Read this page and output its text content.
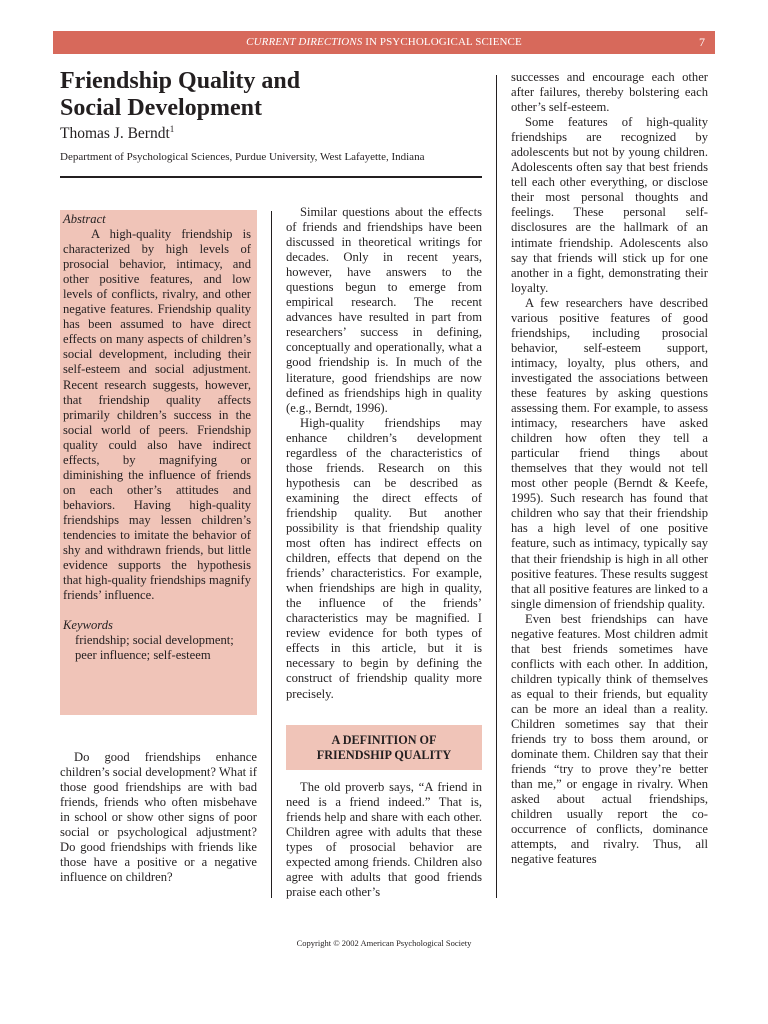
CURRENT DIRECTIONS IN PSYCHOLOGICAL SCIENCE	7
Friendship Quality and
Social Development
Thomas J. Berndt$^1$
Department of Psychological Sciences, Purdue University, West Lafayette, Indiana
Abstract
A high-quality friendship is characterized by high levels of prosocial behavior, intimacy, and other positive features, and low levels of conflicts, rivalry, and other negative features. Friendship quality has been assumed to have direct effects on many aspects of children’s social development, including their self-esteem and social adjustment. Recent research suggests, however, that friendship quality affects primarily children’s success in the social world of peers. Friendship quality could also have indirect effects, by magnifying or diminishing the influence of friends on each other’s attitudes and behaviors. Having high-quality friendships may lessen children’s tendencies to imitate the behavior of shy and withdrawn friends, but little evidence supports the hypothesis that high-quality friendships magnify friends’ influence.
Keywords
friendship; social development; peer influence; self-esteem

Do good friendships enhance children’s social development? What if those good friendships are with bad friends, friends who often misbehave in school or show other signs of poor social or psychological adjustment? Do good friendships with friends like those have a positive or a negative influence on children?

Similar questions about the effects of friends and friendships have been discussed in theoretical writings for decades. Only in recent years, however, have answers to the questions begun to emerge from empirical research. The recent advances have resulted in part from researchers’ success in defining, conceptually and operationally, what a good friendship is. In much of the literature, good friendships are now defined as friendships high in quality (e.g., Berndt, 1996).

High-quality friendships may enhance children’s development regardless of the characteristics of those friends. Research on this hypothesis can be described as examining the direct effects of friendship quality. But another possibility is that friendship quality most often has indirect effects on children, effects that depend on the friends’ characteristics. For example, when friendships are high in quality, the influence of the friends’ characteristics may be magnified. I review evidence for both types of effects in this article, but it is necessary to begin by defining the construct of friendship quality more precisely.

A DEFINITION OF
FRIENDSHIP QUALITY

The old proverb says, “A friend in need is a friend indeed.” That is, friends help and share with each other. Children agree with adults that these types of prosocial behavior are expected among friends. Children also agree with adults that good friends praise each other’s

successes and encourage each other after failures, thereby bolstering each other’s self-esteem.

Some features of high-quality friendships are recognized by adolescents but not by young children. Adolescents often say that best friends tell each other everything, or disclose their most personal thoughts and feelings. These personal self-disclosures are the hallmark of an intimate friendship. Adolescents also say that friends will stick up for one another in a fight, demonstrating their loyalty.

A few researchers have described various positive features of good friendships, including prosocial behavior, self-esteem support, intimacy, loyalty, plus others, and investigated the associations between these features by asking questions assessing them. For example, to assess intimacy, researchers have asked children how often they tell a particular friend things about themselves that they would not tell most other people (Berndt & Keefe, 1995). Such research has found that children who say that their friendship has a high level of one positive feature, such as intimacy, typically say that their friendship is high in all other positive features. These results suggest that all positive features are linked to a single dimension of friendship quality.

Even best friendships can have negative features. Most children admit that best friends sometimes have conflicts with each other. In addition, children typically think of themselves as equal to their friends, but equality can be more an ideal than a reality. Children sometimes say that their friends try to boss them around, or dominate them. Children say that their friends “try to prove they’re better than me,” or engage in rivalry. When asked about actual friendships, children usually report the co-occurrence of conflicts, dominance attempts, and rivalry. Thus, all negative features

Copyright © 2002 American Psychological Society
